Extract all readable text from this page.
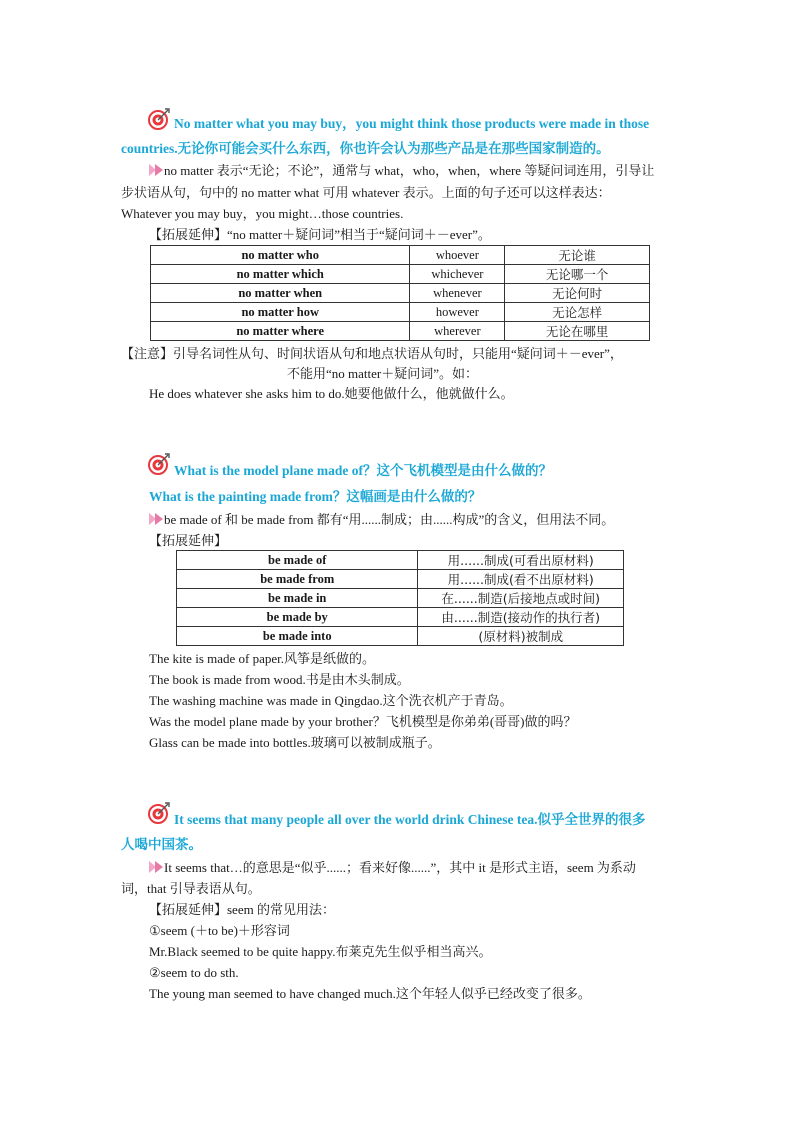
No matter what you may buy，you might think those products were made in those
countries.无论你可能会买什么东西，你也许会认为那些产品是在那些国家制造的。
no matter 表示“无论；不论”，通常与 what，who，when，where 等疑问词连用，引导让
步状语从句，句中的 no matter what 可用 whatever 表示。上面的句子还可以这样表达：
Whatever you may buy，you might…those countries.
【拓展延伸】“no matter＋疑问词”相当于“疑问词＋－ever”。
no matter who	whoever	无论谁
no matter which	whichever	无论哪一个
no matter when	whenever	无论何时
no matter how	however	无论怎样
no matter where	wherever	无论在哪里
【注意】引导名词性从句、时间状语从句和地点状语从句时，只能用“疑问词＋－ever”，
不能用“no matter＋疑问词”。如：
He does whatever she asks him to do.她要他做什么，他就做什么。
What is the model plane made of？这个飞机模型是由什么做的？
What is the painting made from？这幅画是由什么做的？
be made of 和 be made from 都有“用......制成；由......构成”的含义，但用法不同。
【拓展延伸】
be made of	用......制成(可看出原材料)
be made from	用......制成(看不出原材料)
be made in	在......制造(后接地点或时间)
be made by	由......制造(接动作的执行者)
be made into	(原材料)被制成
The kite is made of paper.风筝是纸做的。
The book is made from wood.书是由木头制成。
The washing machine was made in Qingdao.这个洗衣机产于青岛。
Was the model plane made by your brother？飞机模型是你弟弟(哥哥)做的吗？
Glass can be made into bottles.玻璃可以被制成瓶子。
It seems that many people all over the world drink Chinese tea.似乎全世界的很多
人喝中国茶。
It seems that…的意思是“似乎......；看来好像......”，其中 it 是形式主语，seem 为系动
词，that 引导表语从句。
【拓展延伸】seem 的常见用法：
①seem (＋to be)＋形容词
Mr.Black seemed to be quite happy.布莱克先生似乎相当高兴。
②seem to do sth.
The young man seemed to have changed much.这个年轻人似乎已经改变了很多。
